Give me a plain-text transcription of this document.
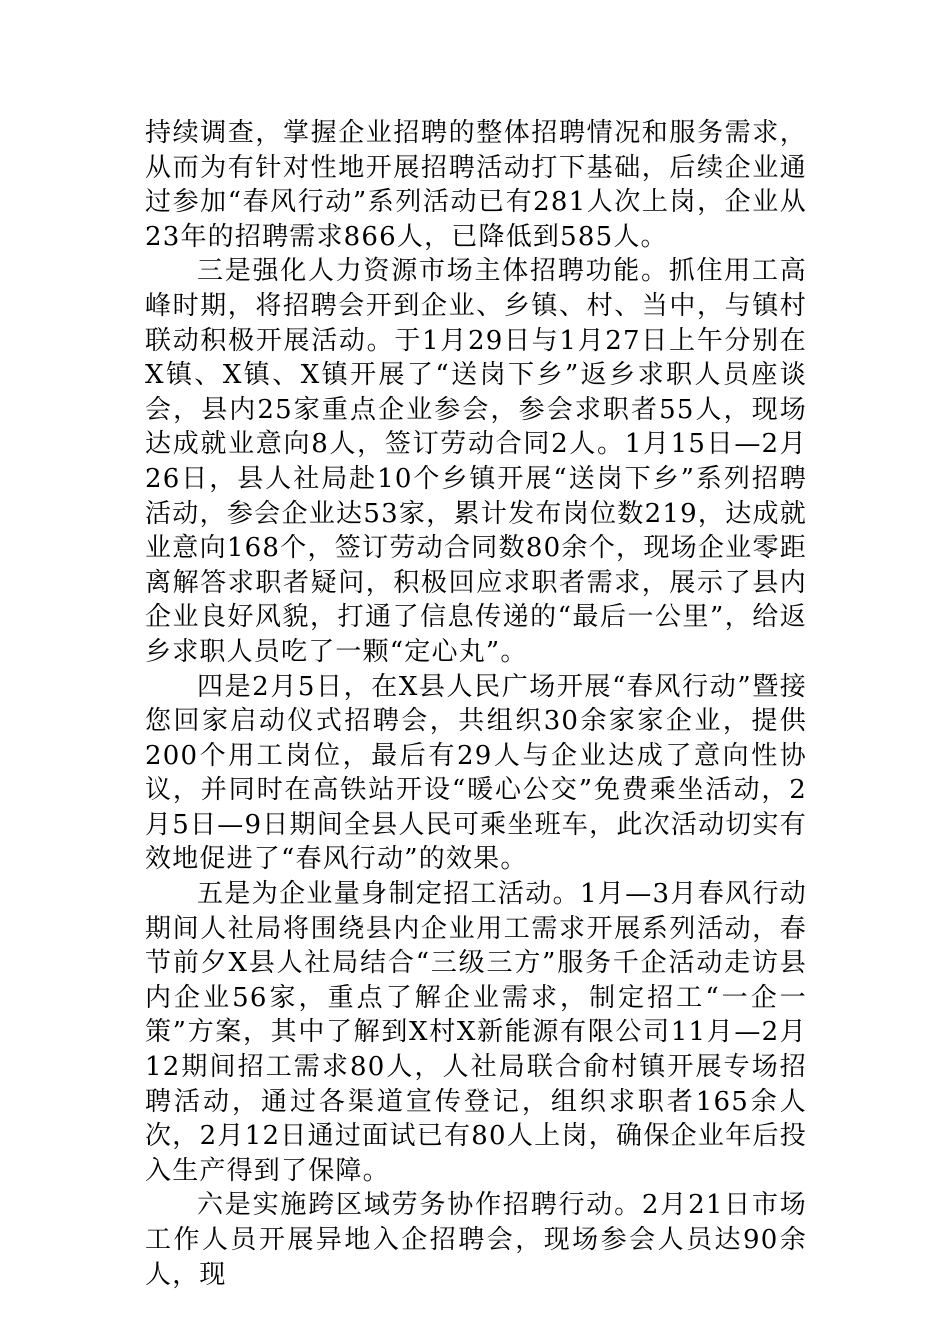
持续调查，掌握企业招聘的整体招聘情况和服务需求，从而为有针对性地开展招聘活动打下基础，后续企业通过参加“春风行动”系列活动已有281人次上岗，企业从23年的招聘需求866人，已降低到585人。

三是强化人力资源市场主体招聘功能。抓住用工高峰时期，将招聘会开到企业、乡镇、村、当中，与镇村联动积极开展活动。于1月29日与1月27日上午分别在X镇、X镇、X镇开展了“送岗下乡”返乡求职人员座谈会，县内25家重点企业参会，参会求职者55人，现场达成就业意向8人，签订劳动合同2人。1月15日—2月26日，县人社局赴10个乡镇开展“送岗下乡”系列招聘活动，参会企业达53家，累计发布岗位数219，达成就业意向168个，签订劳动合同数80余个，现场企业零距离解答求职者疑问，积极回应求职者需求，展示了县内企业良好风貌，打通了信息传递的“最后一公里”，给返乡求职人员吃了一颗“定心丸”。

四是2月5日，在X县人民广场开展“春风行动”暨接您回家启动仪式招聘会，共组织30余家家企业，提供200个用工岗位，最后有29人与企业达成了意向性协议，并同时在高铁站开设“暖心公交”免费乘坐活动，2月5日—9日期间全县人民可乘坐班车，此次活动切实有效地促进了“春风行动”的效果。

五是为企业量身制定招工活动。1月—3月春风行动期间人社局将围绕县内企业用工需求开展系列活动，春节前夕X县人社局结合“三级三方”服务千企活动走访县内企业56家，重点了解企业需求，制定招工“一企一策”方案，其中了解到X村X新能源有限公司11月—2月12期间招工需求80人，人社局联合俞村镇开展专场招聘活动，通过各渠道宣传登记，组织求职者165余人次，2月12日通过面试已有80人上岗，确保企业年后投入生产得到了保障。

六是实施跨区域劳务协作招聘行动。2月21日市场工作人员开展异地入企招聘会，现场参会人员达90余人，现
